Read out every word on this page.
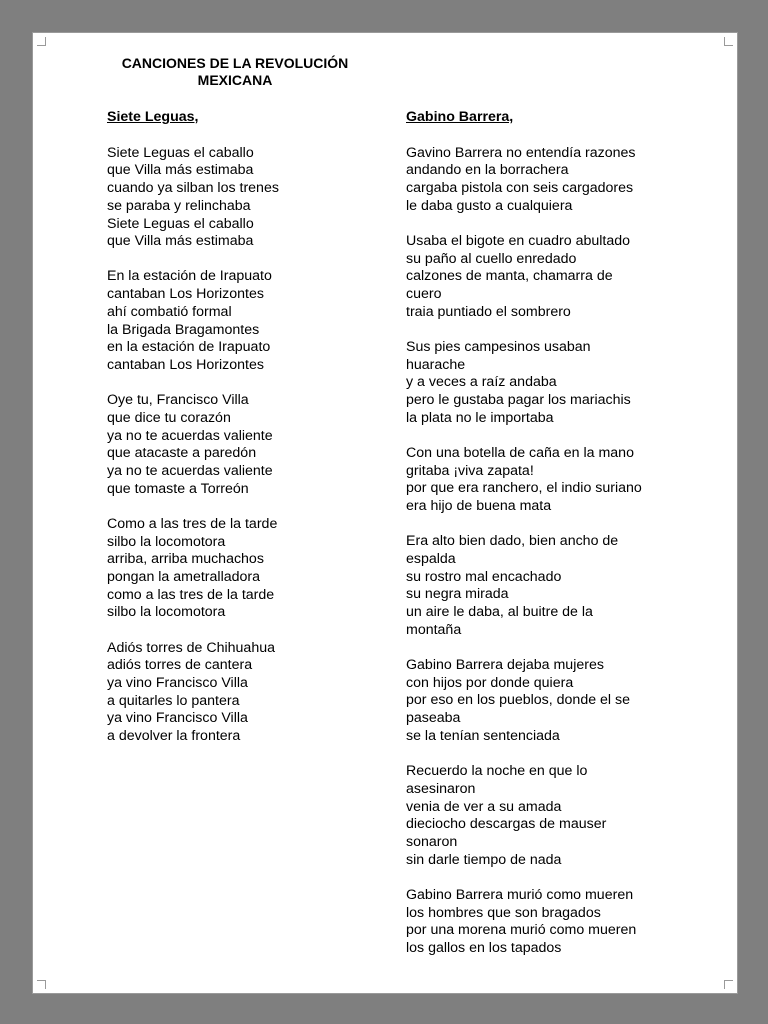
CANCIONES DE LA REVOLUCIÓN
MEXICANA
Siete Leguas,
Siete Leguas el caballo
que Villa más estimaba
cuando ya silban los trenes
se paraba y relinchaba
Siete Leguas el caballo
que Villa más estimaba
En la estación de Irapuato
cantaban Los Horizontes
ahí combatió formal
la Brigada Bragamontes
en la estación de Irapuato
cantaban Los Horizontes
Oye tu, Francisco Villa
que dice tu corazón
ya no te acuerdas valiente
que atacaste a paredón
ya no te acuerdas valiente
que tomaste a Torreón
Como a las tres de la tarde
silbo la locomotora
arriba, arriba muchachos
pongan la ametralladora
como a las tres de la tarde
silbo la locomotora
Adiós torres de Chihuahua
adiós torres de cantera
ya vino Francisco Villa
a quitarles lo pantera
ya vino Francisco Villa
a devolver la frontera
Gabino Barrera,
Gavino Barrera no entendía razones
andando en la borrachera
cargaba pistola con seis cargadores
le daba gusto a cualquiera
Usaba el bigote en cuadro abultado
su paño al cuello enredado
calzones de manta, chamarra de
cuero
traia puntiado el sombrero
Sus pies campesinos usaban
huarache
y a veces a raíz andaba
pero le gustaba pagar los mariachis
la plata no le importaba
Con una botella de caña en la mano
gritaba ¡viva zapata!
por que era ranchero, el indio suriano
era hijo de buena mata
Era alto bien dado, bien ancho de
espalda
su rostro mal encachado
su negra mirada
un aire le daba, al buitre de la
montaña
Gabino Barrera dejaba mujeres
con hijos por donde quiera
por eso en los pueblos, donde el se
paseaba
se la tenían sentenciada
Recuerdo la noche en que lo
asesinaron
venia de ver a su amada
dieciocho descargas de mauser
sonaron
sin darle tiempo de nada
Gabino Barrera murió como mueren
los hombres que son bragados
por una morena murió como mueren
los gallos en los tapados
